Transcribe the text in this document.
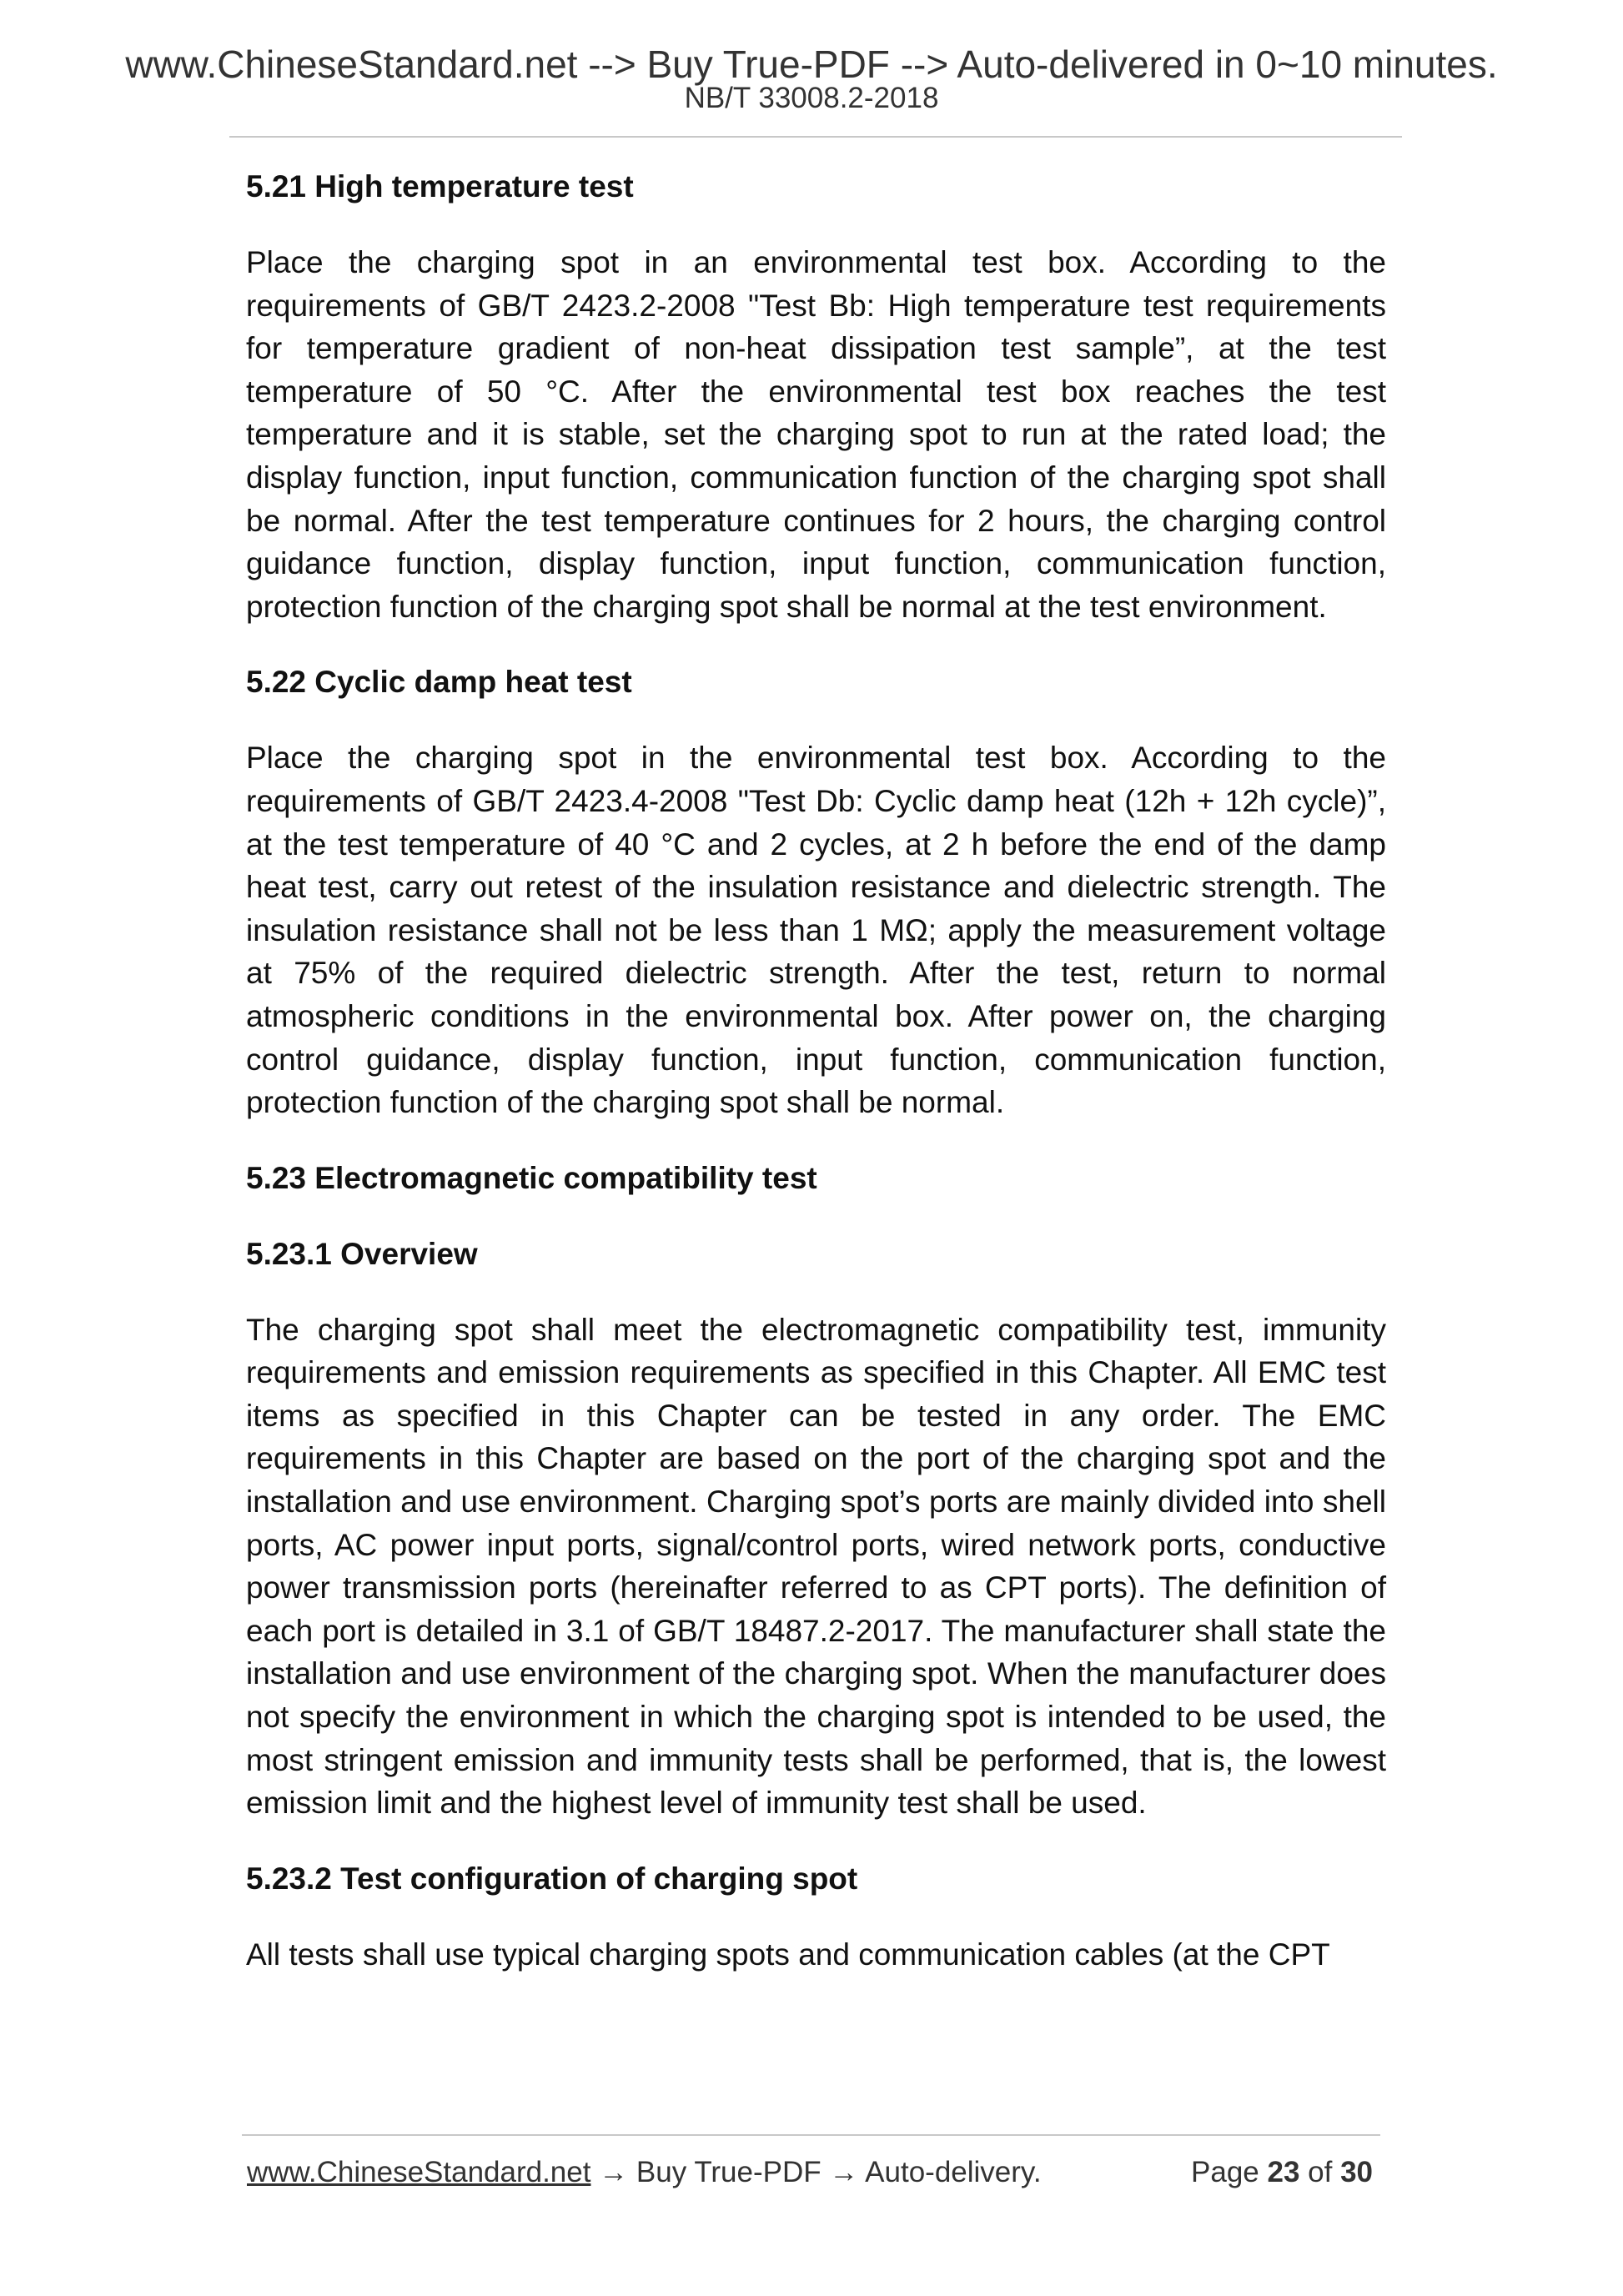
www.ChineseStandard.net --> Buy True-PDF --> Auto-delivered in 0~10 minutes.
NB/T 33008.2-2018
5.21 High temperature test

Place the charging spot in an environmental test box. According to the requirements of GB/T 2423.2-2008 "Test Bb: High temperature test requirements for temperature gradient of non-heat dissipation test sample”, at the test temperature of 50 °C. After the environmental test box reaches the test temperature and it is stable, set the charging spot to run at the rated load; the display function, input function, communication function of the charging spot shall be normal. After the test temperature continues for 2 hours, the charging control guidance function, display function, input function, communication function, protection function of the charging spot shall be normal at the test environment.

5.22 Cyclic damp heat test

Place the charging spot in the environmental test box. According to the requirements of GB/T 2423.4-2008 "Test Db: Cyclic damp heat (12h + 12h cycle)”, at the test temperature of 40 °C and 2 cycles, at 2 h before the end of the damp heat test, carry out retest of the insulation resistance and dielectric strength. The insulation resistance shall not be less than 1 MΩ; apply the measurement voltage at 75% of the required dielectric strength. After the test, return to normal atmospheric conditions in the environmental box. After power on, the charging control guidance, display function, input function, communication function, protection function of the charging spot shall be normal.

5.23 Electromagnetic compatibility test
5.23.1 Overview

The charging spot shall meet the electromagnetic compatibility test, immunity requirements and emission requirements as specified in this Chapter. All EMC test items as specified in this Chapter can be tested in any order. The EMC requirements in this Chapter are based on the port of the charging spot and the installation and use environment. Charging spot’s ports are mainly divided into shell ports, AC power input ports, signal/control ports, wired network ports, conductive power transmission ports (hereinafter referred to as CPT ports). The definition of each port is detailed in 3.1 of GB/T 18487.2-2017. The manufacturer shall state the installation and use environment of the charging spot. When the manufacturer does not specify the environment in which the charging spot is intended to be used, the most stringent emission and immunity tests shall be performed, that is, the lowest emission limit and the highest level of immunity test shall be used.

5.23.2 Test configuration of charging spot

All tests shall use typical charging spots and communication cables (at the CPT

www.ChineseStandard.net → Buy True-PDF → Auto-delivery.	Page 23 of 30
